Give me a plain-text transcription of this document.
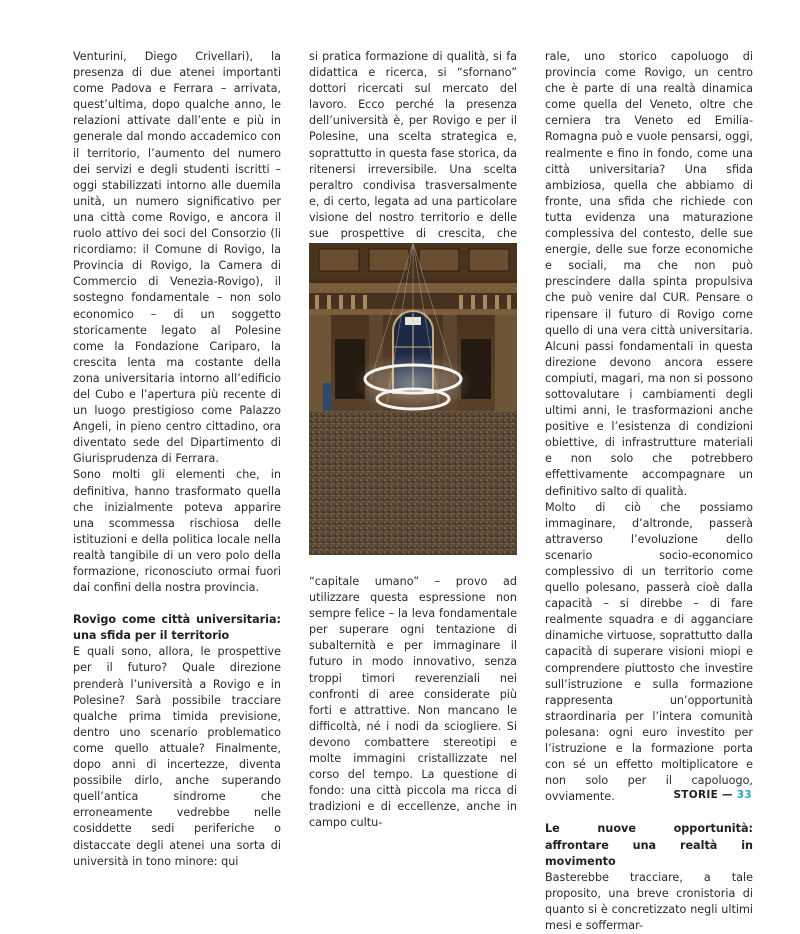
Venturini, Diego Crivellari), la presenza di due atenei importanti come Padova e Ferrara – arrivata, quest’ultima, dopo qualche anno, le relazioni attivate dall’ente e più in generale dal mondo accademico con il territorio, l’aumento del numero dei servizi e degli studenti iscritti – oggi stabilizzati intorno alle duemila unità, un numero significativo per una città come Rovigo, e ancora il ruolo attivo dei soci del Consorzio (li ricordiamo: il Comune di Rovigo, la Provincia di Rovigo, la Camera di Commercio di Venezia-Rovigo), il sostegno fondamentale – non solo economico – di un soggetto storicamente legato al Polesine come la Fondazione Cariparo, la crescita lenta ma costante della zona universitaria intorno all’edificio del Cubo e l’apertura più recente di un luogo prestigioso come Palazzo Angeli, in pieno centro cittadino, ora diventato sede del Dipartimento di Giurisprudenza di Ferrara.

Sono molti gli elementi che, in definitiva, hanno trasformato quella che inizialmente poteva apparire una scommessa rischiosa delle istituzioni e della politica locale nella realtà tangibile di un vero polo della formazione, riconosciuto ormai fuori dai confini della nostra provincia.

Rovigo come città universitaria: una sfida per il territorio

E quali sono, allora, le prospettive per il futuro? Quale direzione prenderà l’università a Rovigo e in Polesine? Sarà possibile tracciare qualche prima timida previsione, dentro uno scenario problematico come quello attuale? Finalmente, dopo anni di incertezze, diventa possibile dirlo, anche superando quell’antica sindrome che erroneamente vedrebbe nelle cosiddette sedi periferiche o distaccate degli atenei una sorta di università in tono minore: qui

si pratica formazione di qualità, si fa didattica e ricerca, si “sfornano” dottori ricercati sul mercato del lavoro. Ecco perché la presenza dell’università è, per Rovigo e per il Polesine, una scelta strategica e, soprattutto in questa fase storica, da ritenersi irreversibile. Una scelta peraltro condivisa trasversalmente e, di certo, legata ad una particolare visione del nostro territorio e delle sue prospettive di crescita, che

“capitale umano” – provo ad utilizzare questa espressione non sempre felice – la leva fondamentale per superare ogni tentazione di subalternità e per immaginare il futuro in modo innovativo, senza troppi timori reverenziali nei confronti di aree considerate più forti e attrattive. Non mancano le difficoltà, né i nodi da sciogliere. Si devono combattere stereotipi e molte immagini cristallizzate nel corso del tempo. La questione di fondo: una città piccola ma ricca di tradizioni e di eccellenze, anche in campo cultu-

rale, uno storico capoluogo di provincia come Rovigo, un centro che è parte di una realtà dinamica come quella del Veneto, oltre che cerniera tra Veneto ed Emilia-Romagna può e vuole pensarsi, oggi, realmente e fino in fondo, come una città universitaria? Una sfida ambiziosa, quella che abbiamo di fronte, una sfida che richiede con tutta evidenza una maturazione complessiva del contesto, delle sue energie, delle sue forze economiche e sociali, ma che non può prescindere dalla spinta propulsiva che può venire dal CUR. Pensare o ripensare il futuro di Rovigo come quello di una vera città universitaria. Alcuni passi fondamentali in questa direzione devono ancora essere compiuti, magari, ma non si possono sottovalutare i cambiamenti degli ultimi anni, le trasformazioni anche positive e l’esistenza di condizioni obiettive, di infrastrutture materiali e non solo che potrebbero effettivamente accompagnare un definitivo salto di qualità.

Molto di ciò che possiamo immaginare, d’altronde, passerà attraverso l’evoluzione dello scenario socio-economico complessivo di un territorio come quello polesano, passerà cioè dalla capacità – si direbbe – di fare realmente squadra e di agganciare dinamiche virtuose, soprattutto dalla capacità di superare visioni miopi e comprendere piuttosto che investire sull’istruzione e sulla formazione rappresenta un’opportunità straordinaria per l’intera comunità polesana: ogni euro investito per l’istruzione e la formazione porta con sé un effetto moltiplicatore e non solo per il capoluogo, ovviamente.

Le nuove opportunità: affrontare una realtà in movimento

Basterebbe tracciare, a tale proposito, una breve cronistoria di quanto si è concretizzato negli ultimi mesi e soffermar-

STORIE — 33
